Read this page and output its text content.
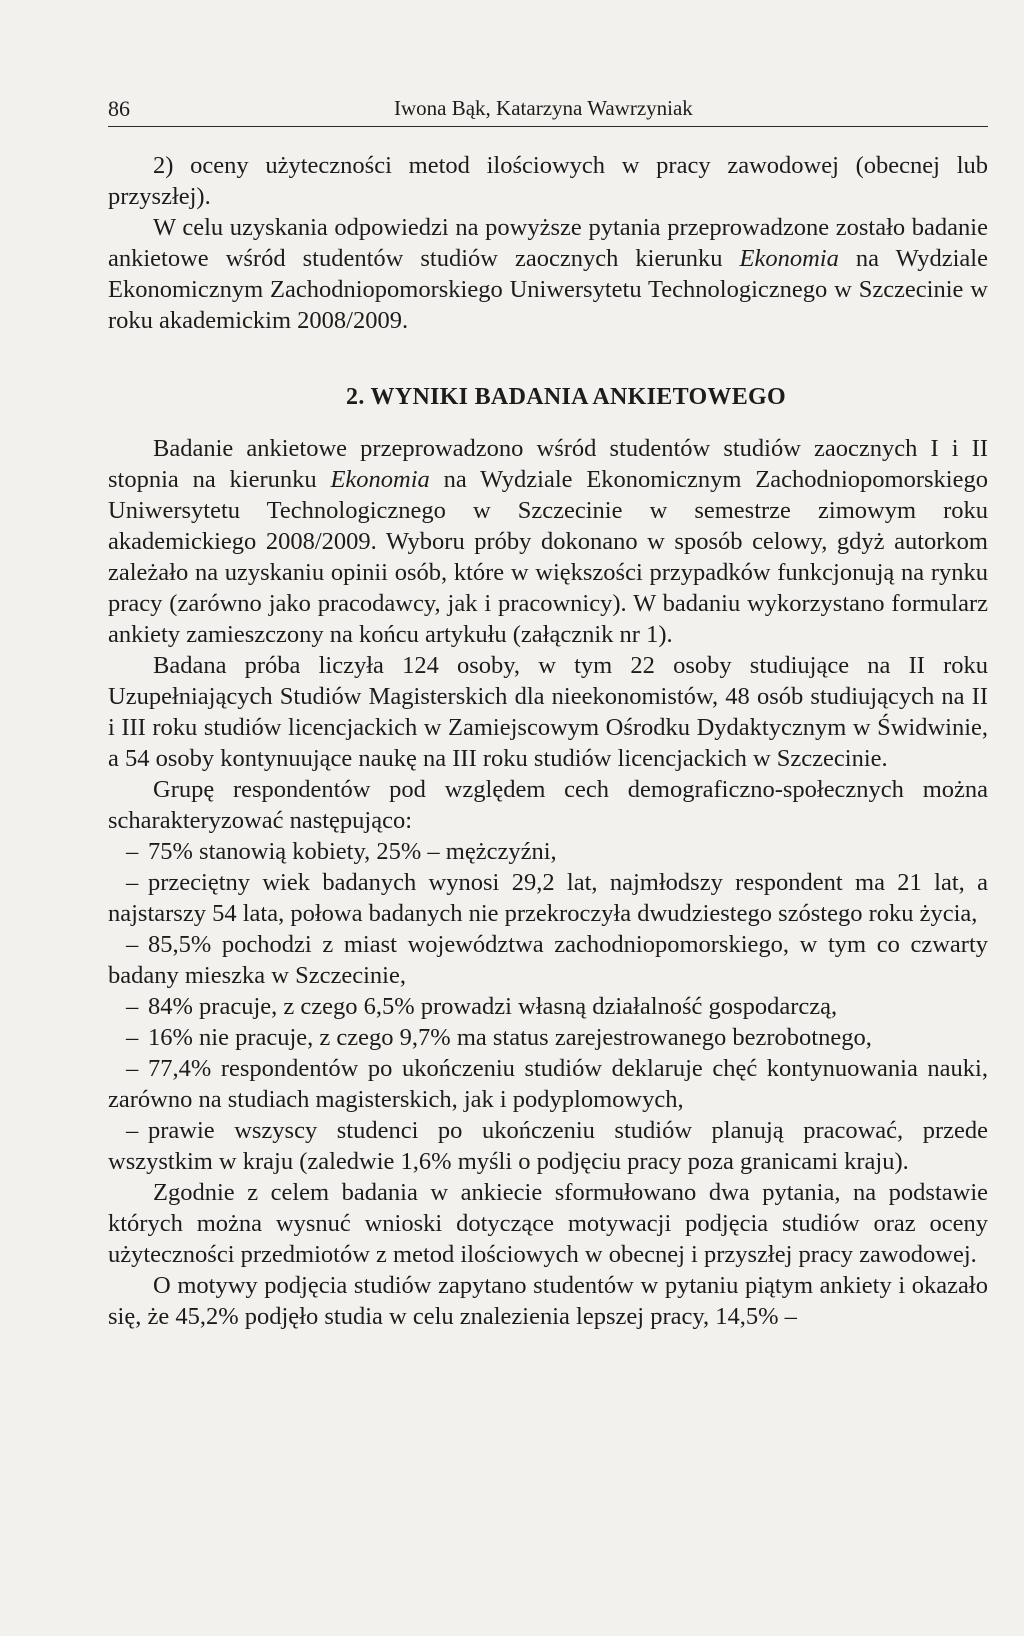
86	Iwona Bąk, Katarzyna Wawrzyniak

2) oceny użyteczności metod ilościowych w pracy zawodowej (obecnej lub przyszłej).

W celu uzyskania odpowiedzi na powyższe pytania przeprowadzone zostało badanie ankietowe wśród studentów studiów zaocznych kierunku Ekonomia na Wydziale Ekonomicznym Zachodniopomorskiego Uniwersytetu Technologicznego w Szczecinie w roku akademickim 2008/2009.

2. WYNIKI BADANIA ANKIETOWEGO

Badanie ankietowe przeprowadzono wśród studentów studiów zaocznych I i II stopnia na kierunku Ekonomia na Wydziale Ekonomicznym Zachodniopomorskiego Uniwersytetu Technologicznego w Szczecinie w semestrze zimowym roku akademickiego 2008/2009. Wyboru próby dokonano w sposób celowy, gdyż autorkom zależało na uzyskaniu opinii osób, które w większości przypadków funkcjonują na rynku pracy (zarówno jako pracodawcy, jak i pracownicy). W badaniu wykorzystano formularz ankiety zamieszczony na końcu artykułu (załącznik nr 1).

Badana próba liczyła 124 osoby, w tym 22 osoby studiujące na II roku Uzupełniających Studiów Magisterskich dla nieekonomistów, 48 osób studiujących na II i III roku studiów licencjackich w Zamiejscowym Ośrodku Dydaktycznym w Świdwinie, a 54 osoby kontynuujące naukę na III roku studiów licencjackich w Szczecinie.

Grupę respondentów pod względem cech demograficzno-społecznych można scharakteryzować następująco:

– 75% stanowią kobiety, 25% – mężczyźni,

– przeciętny wiek badanych wynosi 29,2 lat, najmłodszy respondent ma 21 lat, a najstarszy 54 lata, połowa badanych nie przekroczyła dwudziestego szóstego roku życia,

– 85,5% pochodzi z miast województwa zachodniopomorskiego, w tym co czwarty badany mieszka w Szczecinie,

– 84% pracuje, z czego 6,5% prowadzi własną działalność gospodarczą,

– 16% nie pracuje, z czego 9,7% ma status zarejestrowanego bezrobotnego,

– 77,4% respondentów po ukończeniu studiów deklaruje chęć kontynuowania nauki, zarówno na studiach magisterskich, jak i podyplomowych,

– prawie wszyscy studenci po ukończeniu studiów planują pracować, przede wszystkim w kraju (zaledwie 1,6% myśli o podjęciu pracy poza granicami kraju).

Zgodnie z celem badania w ankiecie sformułowano dwa pytania, na podstawie których można wysnuć wnioski dotyczące motywacji podjęcia studiów oraz oceny użyteczności przedmiotów z metod ilościowych w obecnej i przyszłej pracy zawodowej.

O motywy podjęcia studiów zapytano studentów w pytaniu piątym ankiety i okazało się, że 45,2% podjęło studia w celu znalezienia lepszej pracy, 14,5% –
